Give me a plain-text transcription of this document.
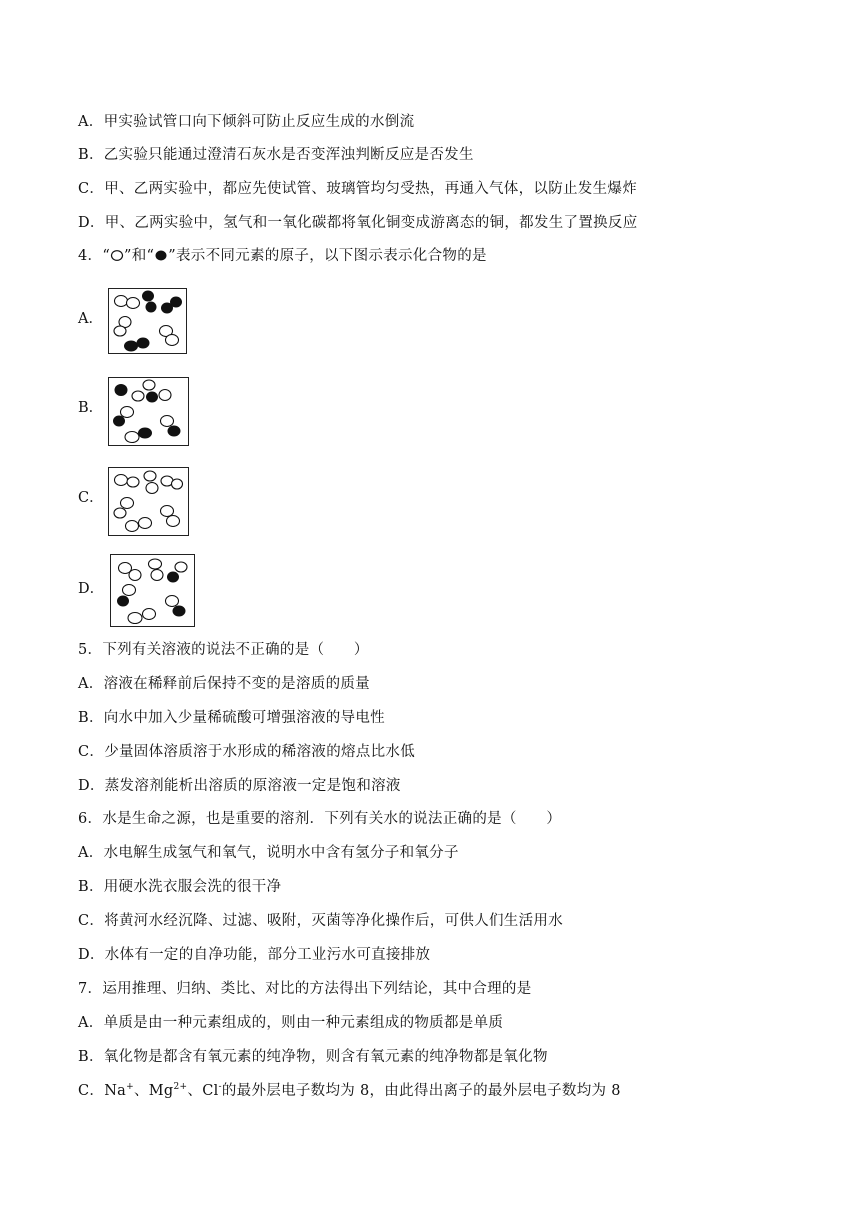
A．甲实验试管口向下倾斜可防止反应生成的水倒流
B．乙实验只能通过澄清石灰水是否变浑浊判断反应是否发生
C．甲、乙两实验中，都应先使试管、玻璃管均匀受热，再通入气体，以防止发生爆炸
D．甲、乙两实验中，氢气和一氧化碳都将氧化铜变成游离态的铜，都发生了置换反应
4．“ ”和“ ”表示不同元素的原子，以下图示表示化合物的是
A．
B．
C．
D．
5．下列有关溶液的说法不正确的是（　　）
A．溶液在稀释前后保持不变的是溶质的质量
B．向水中加入少量稀硫酸可增强溶液的导电性
C．少量固体溶质溶于水形成的稀溶液的熔点比水低
D．蒸发溶剂能析出溶质的原溶液一定是饱和溶液
6．水是生命之源，也是重要的溶剂．下列有关水的说法正确的是（　　）
A．水电解生成氢气和氧气，说明水中含有氢分子和氧分子
B．用硬水洗衣服会洗的很干净
C．将黄河水经沉降、过滤、吸附，灭菌等净化操作后，可供人们生活用水
D．水体有一定的自净功能，部分工业污水可直接排放
7．运用推理、归纳、类比、对比的方法得出下列结论，其中合理的是
A．单质是由一种元素组成的，则由一种元素组成的物质都是单质
B．氧化物是都含有氧元素的纯净物，则含有氧元素的纯净物都是氧化物
C．Na+、$Mg^{2+}$、Cl-的最外层电子数均为 8，由此得出离子的最外层电子数均为 8
